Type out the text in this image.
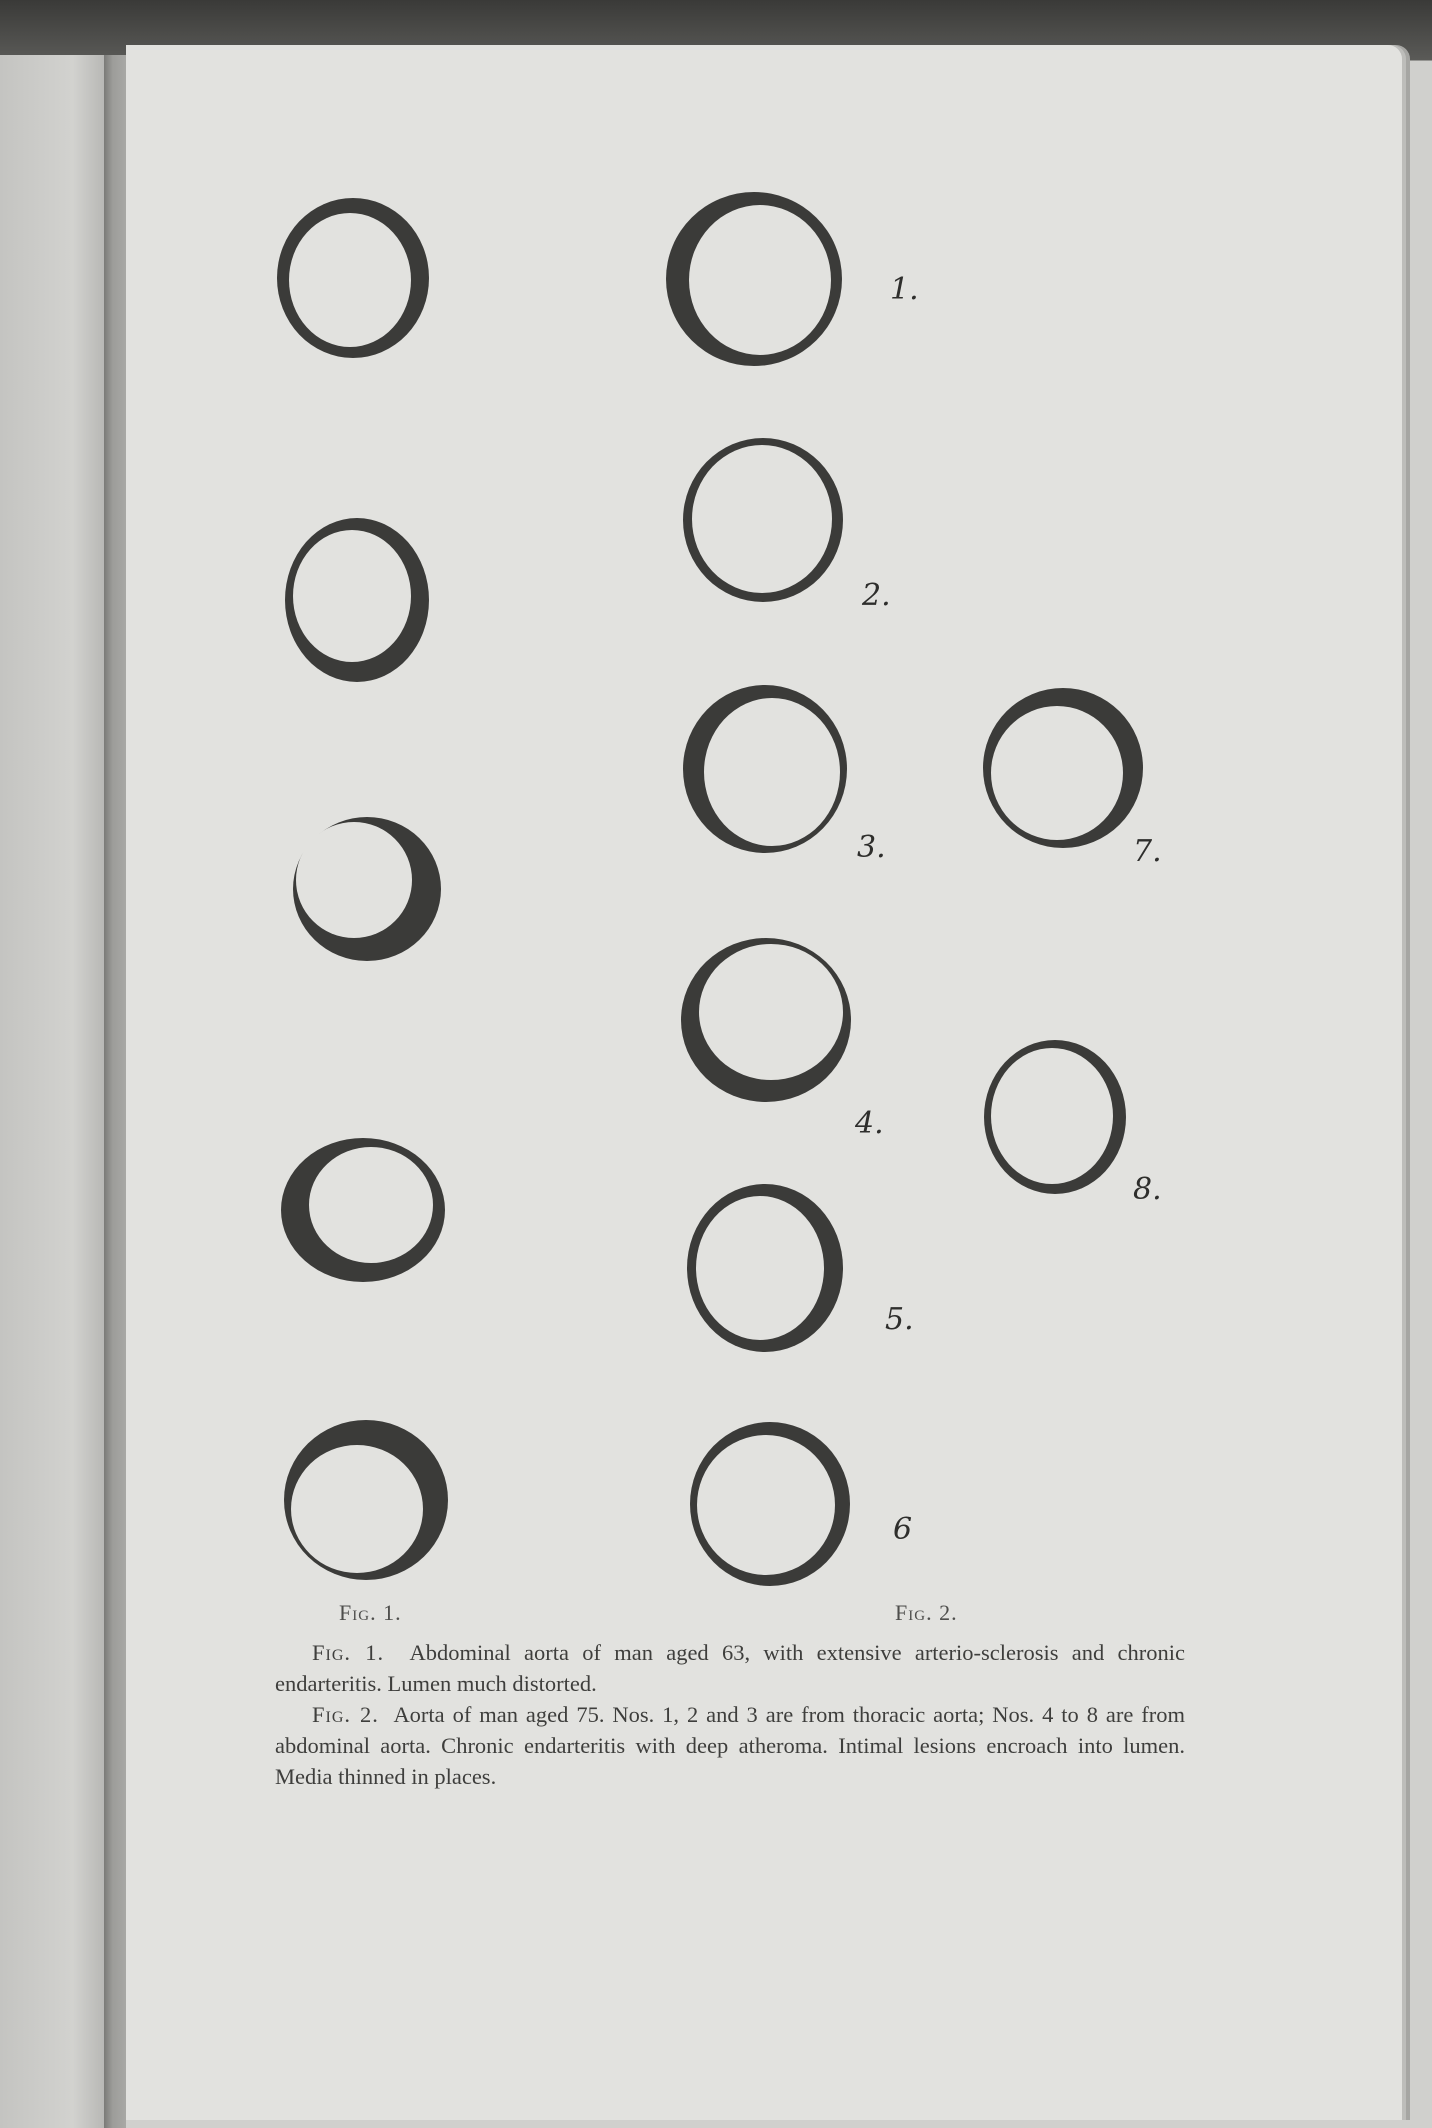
1.
2.
3.
4.
5.
6
7.
8.
Fig. 1.	Fig. 2.

Fig. 1. Abdominal aorta of man aged 63, with extensive arterio-sclerosis and chronic endarteritis. Lumen much distorted.

Fig. 2. Aorta of man aged 75. Nos. 1, 2 and 3 are from thoracic aorta; Nos. 4 to 8 are from abdominal aorta. Chronic endarteritis with deep atheroma. Intimal lesions encroach into lumen. Media thinned in places.
